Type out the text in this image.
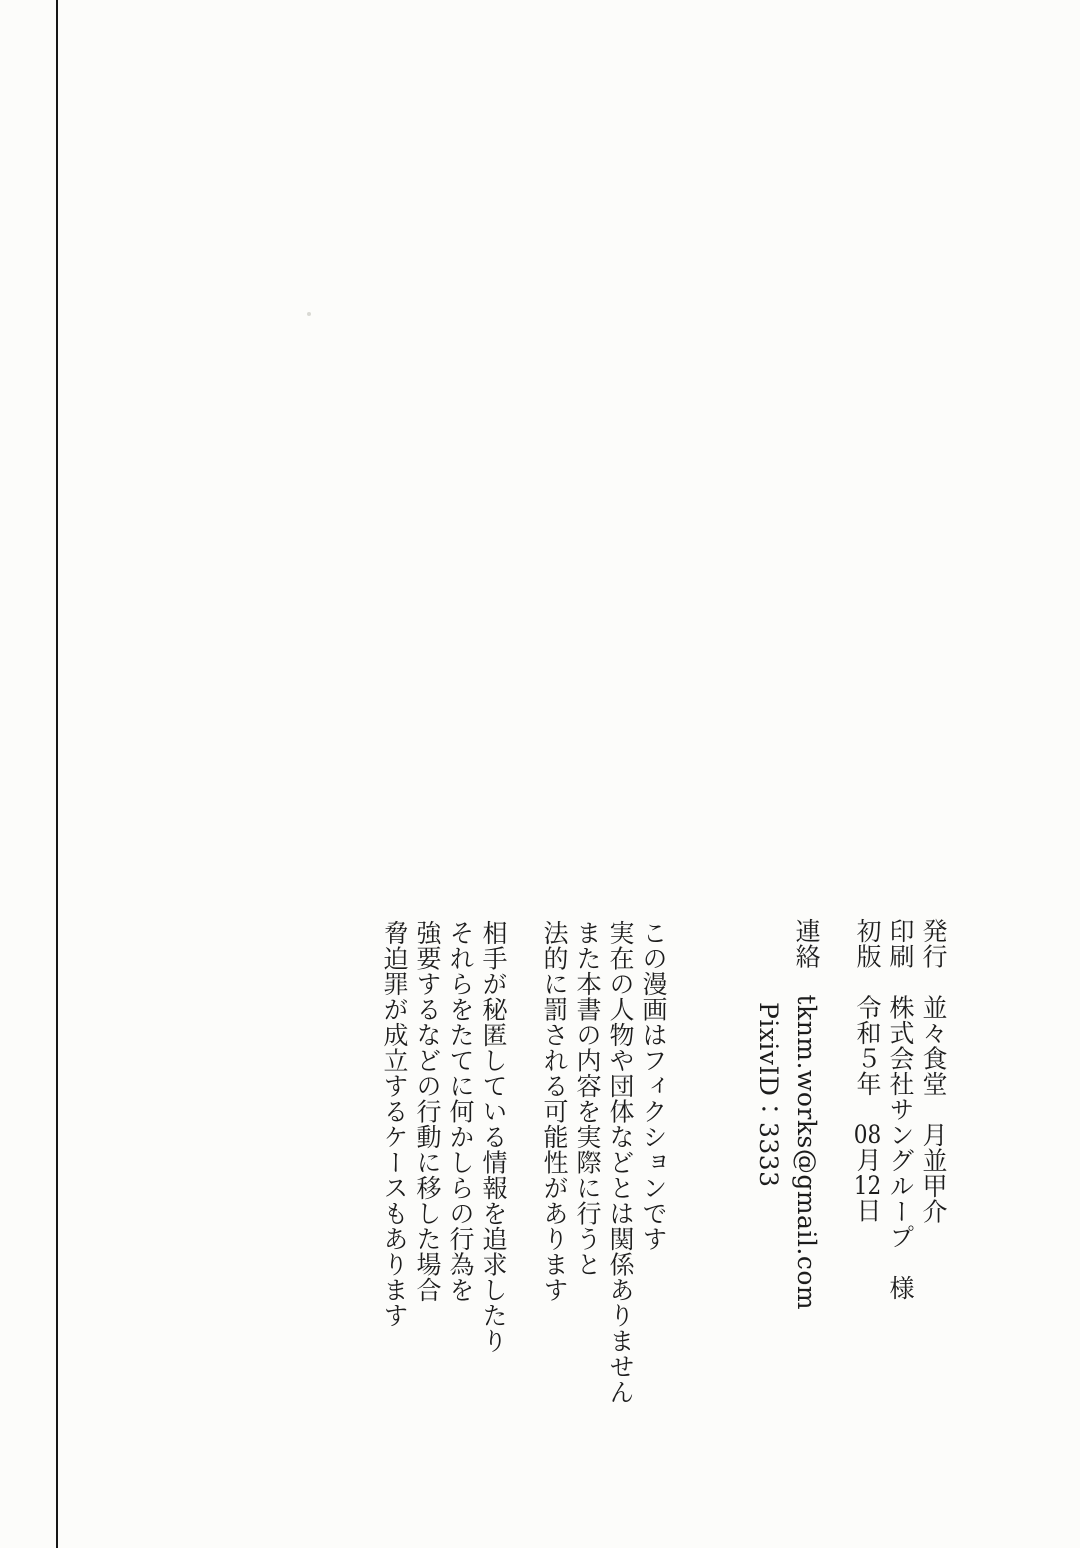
発行　並々食堂　月並甲介
印刷　株式会社サングループ　様
初版　令和５年　08月12日
連絡　tknm.works@gmail.com
PixivID：3333
この漫画はフィクションです
実在の人物や団体などとは関係ありません
また本書の内容を実際に行うと
法的に罰される可能性があります
相手が秘匿している情報を追求したり
それらをたてに何かしらの行為を
強要するなどの行動に移した場合
脅迫罪が成立するケースもあります
